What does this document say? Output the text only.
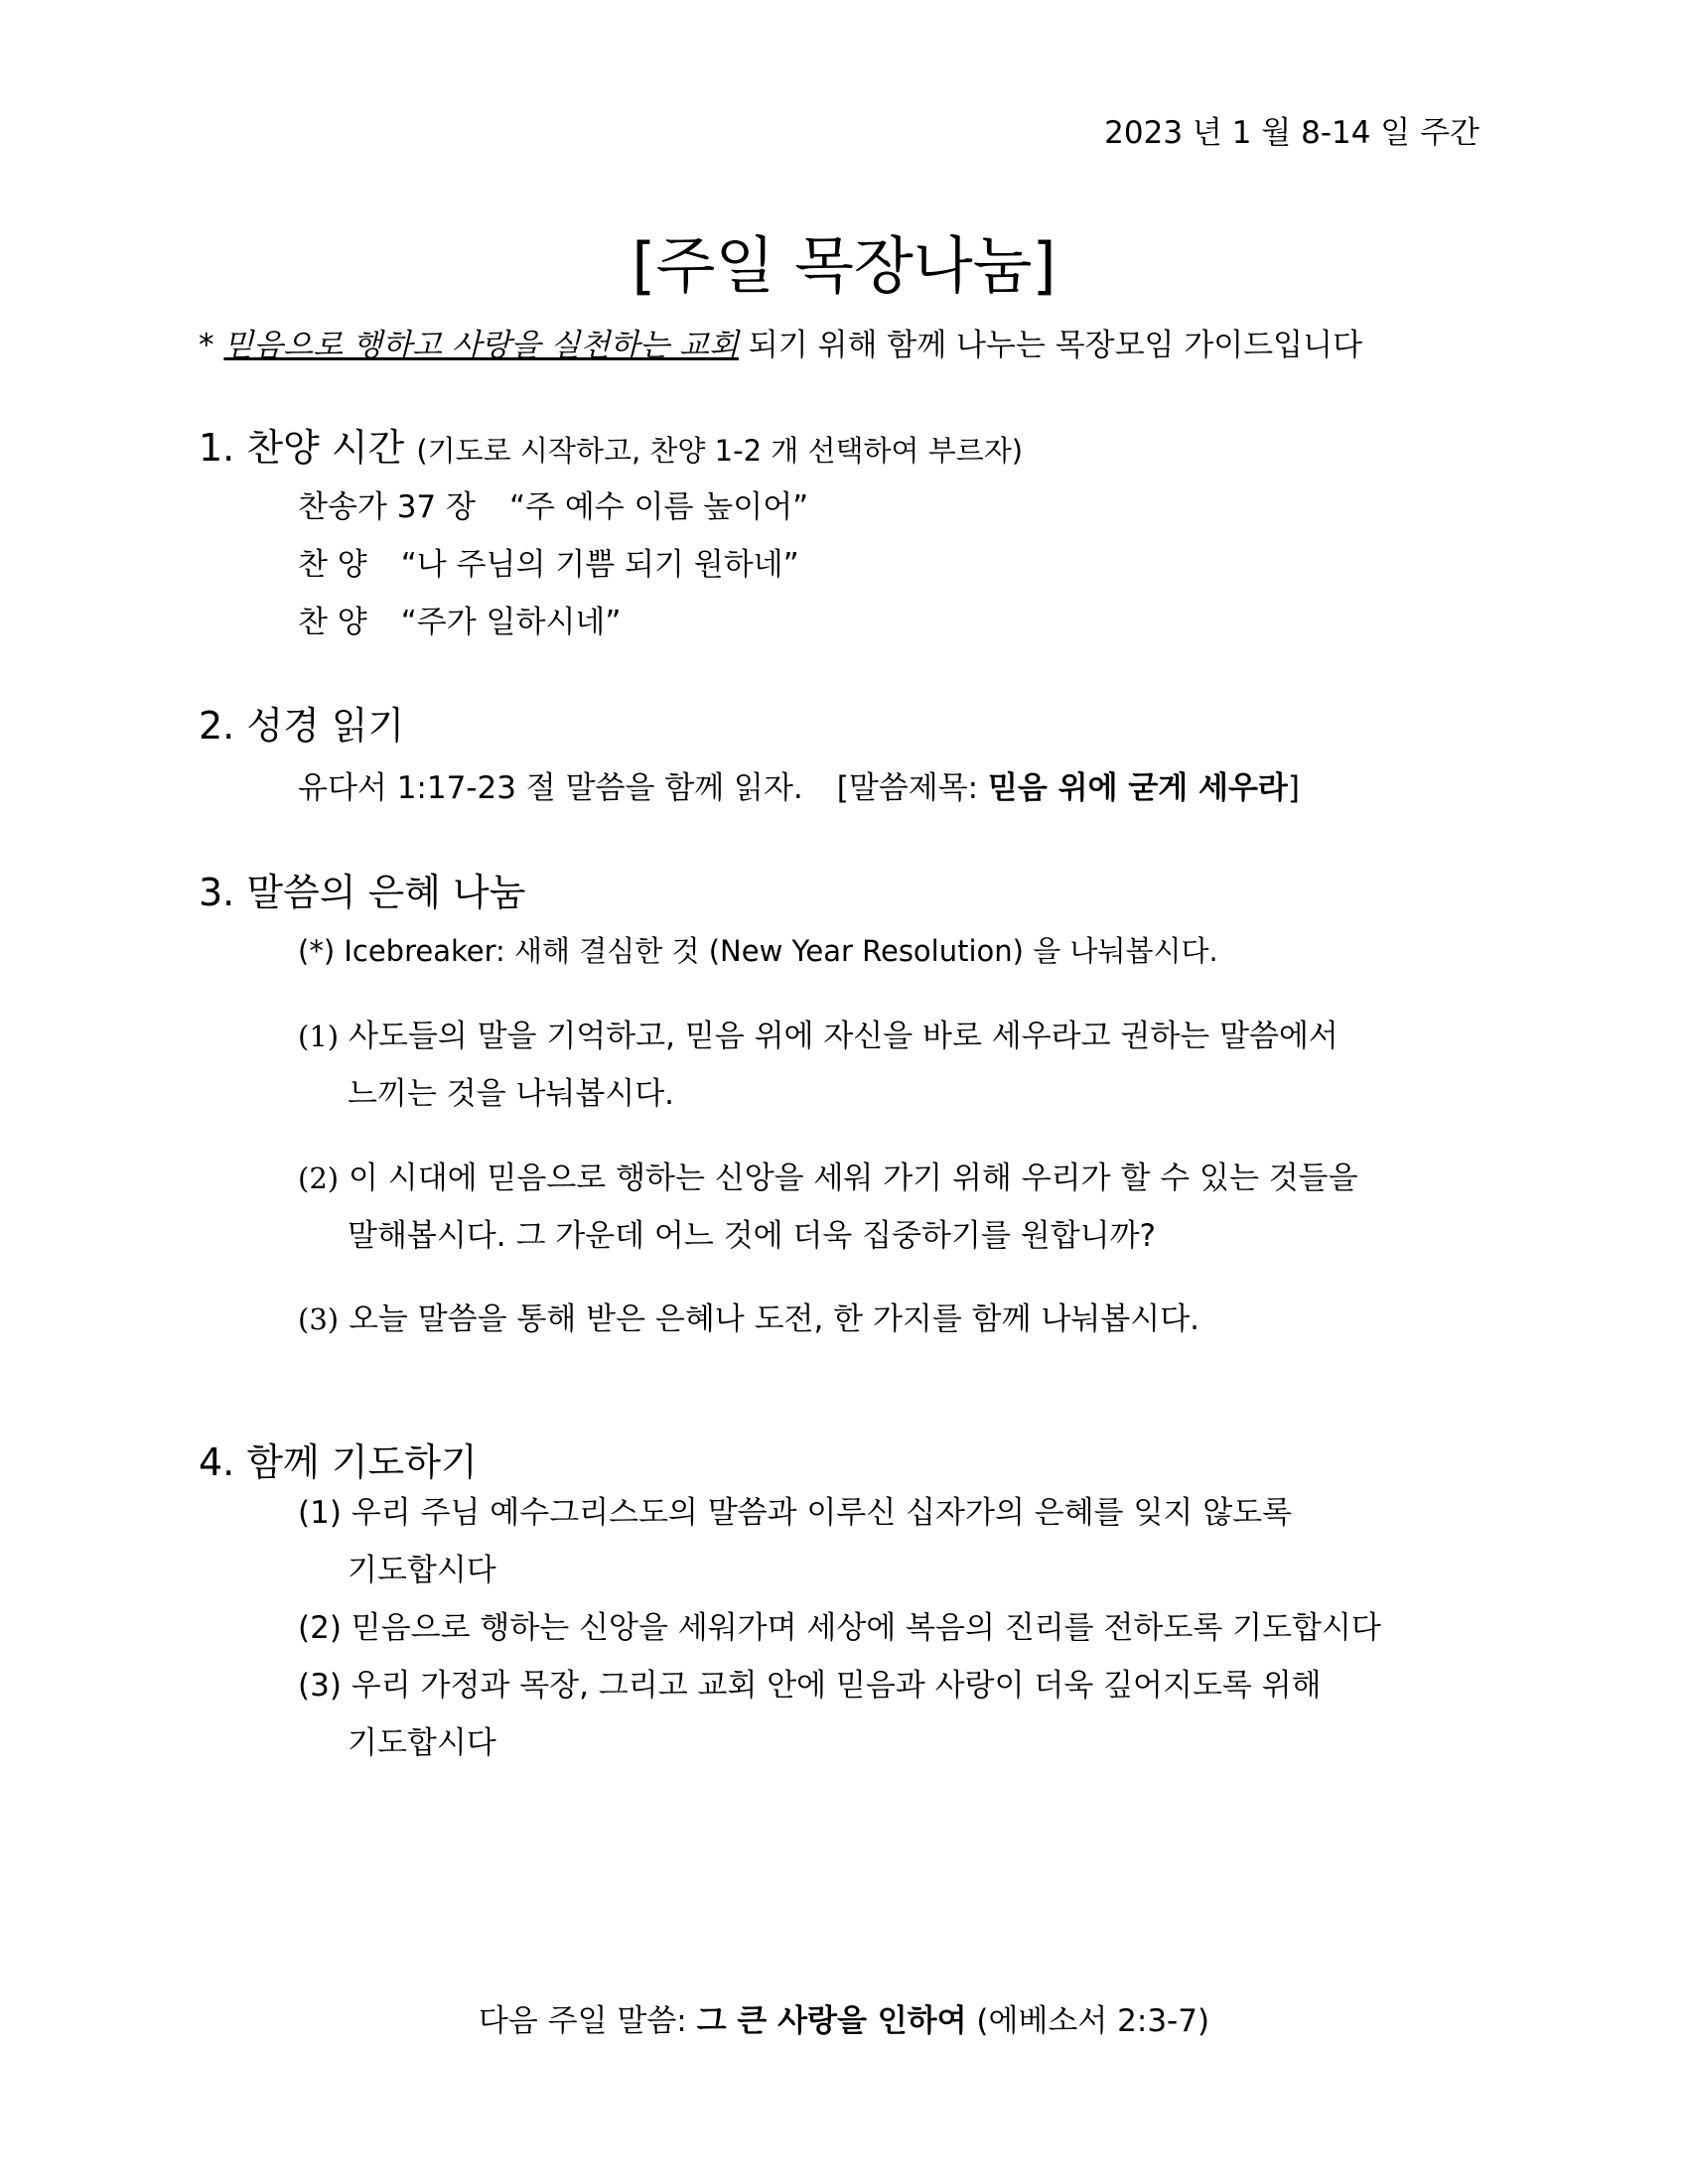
2023 년 1 월 8-14 일 주간
[주일 목장나눔]
* 믿음으로 행하고 사랑을 실천하는 교회 되기 위해 함께 나누는 목장모임 가이드입니다
1. 찬양 시간 (기도로 시작하고, 찬양 1-2 개 선택하여 부르자)
찬송가 37 장 “주 예수 이름 높이어”
찬 양 “나 주님의 기쁨 되기 원하네”
찬 양 “주가 일하시네”
2. 성경 읽기
유다서 1:17-23 절 말씀을 함께 읽자. [말씀제목: 믿음 위에 굳게 세우라]
3. 말씀의 은혜 나눔
(*) Icebreaker: 새해 결심한 것 (New Year Resolution) 을 나눠봅시다.
(1) 사도들의 말을 기억하고, 믿음 위에 자신을 바로 세우라고 권하는 말씀에서
느끼는 것을 나눠봅시다.
(2) 이 시대에 믿음으로 행하는 신앙을 세워 가기 위해 우리가 할 수 있는 것들을
말해봅시다. 그 가운데 어느 것에 더욱 집중하기를 원합니까?
(3) 오늘 말씀을 통해 받은 은혜나 도전, 한 가지를 함께 나눠봅시다.
4. 함께 기도하기
(1) 우리 주님 예수그리스도의 말씀과 이루신 십자가의 은혜를 잊지 않도록
기도합시다
(2) 믿음으로 행하는 신앙을 세워가며 세상에 복음의 진리를 전하도록 기도합시다
(3) 우리 가정과 목장, 그리고 교회 안에 믿음과 사랑이 더욱 깊어지도록 위해
기도합시다
다음 주일 말씀: 그 큰 사랑을 인하여 (에베소서 2:3-7)
